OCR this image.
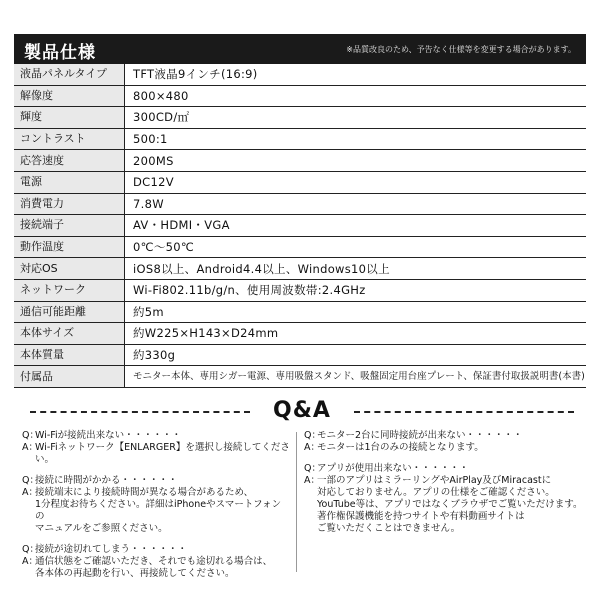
製品仕様	※品質改良のため、予告なく仕様等を変更する場合があります。
液晶パネルタイプ	TFT液晶9インチ(16:9)
解像度	800×480
輝度	300CD/㎡
コントラスト	500:1
応答速度	200MS
電源	DC12V
消費電力	7.8W
接続端子	AV・HDMI・VGA
動作温度	0℃～50℃
対応OS	iOS8以上、Android4.4以上、Windows10以上
ネットワーク	Wi-Fi802.11b/g/n、使用周波数帯:2.4GHz
通信可能距離	約5m
本体サイズ	約W225×H143×D24mm
本体質量	約330g
付属品	モニター本体、専用シガー電源、専用吸盤スタンド、吸盤固定用台座プレート、保証書付取扱説明書(本書)
Q&A
Q：
Wi-Fiが接続出来ない・・・・・・
A：
Wi-Fiネットワーク【ENLARGER】を選択し接続してください。
Q：
接続に時間がかかる・・・・・・
A：
接続端末により接続時間が異なる場合があるため、
1分程度お待ちください。詳細はiPhoneやスマートフォンの
マニュアルをご参照ください。
Q：
接続が途切れてしまう・・・・・・
A：
通信状態をご確認いただき、それでも途切れる場合は、
各本体の再起動を行い、再接続してください。
Q：
モニター2台に同時接続が出来ない・・・・・・
A：
モニターは1台のみの接続となります。
Q：
アプリが使用出来ない・・・・・・
A：
一部のアプリはミラーリングやAirPlay及びMiracastに
対応しておりません。アプリの仕様をご確認ください。
YouTube等は、アプリではなくブラウザでご覧いただけます。
著作権保護機能を持つサイトや有料動画サイトは
ご覧いただくことはできません。
